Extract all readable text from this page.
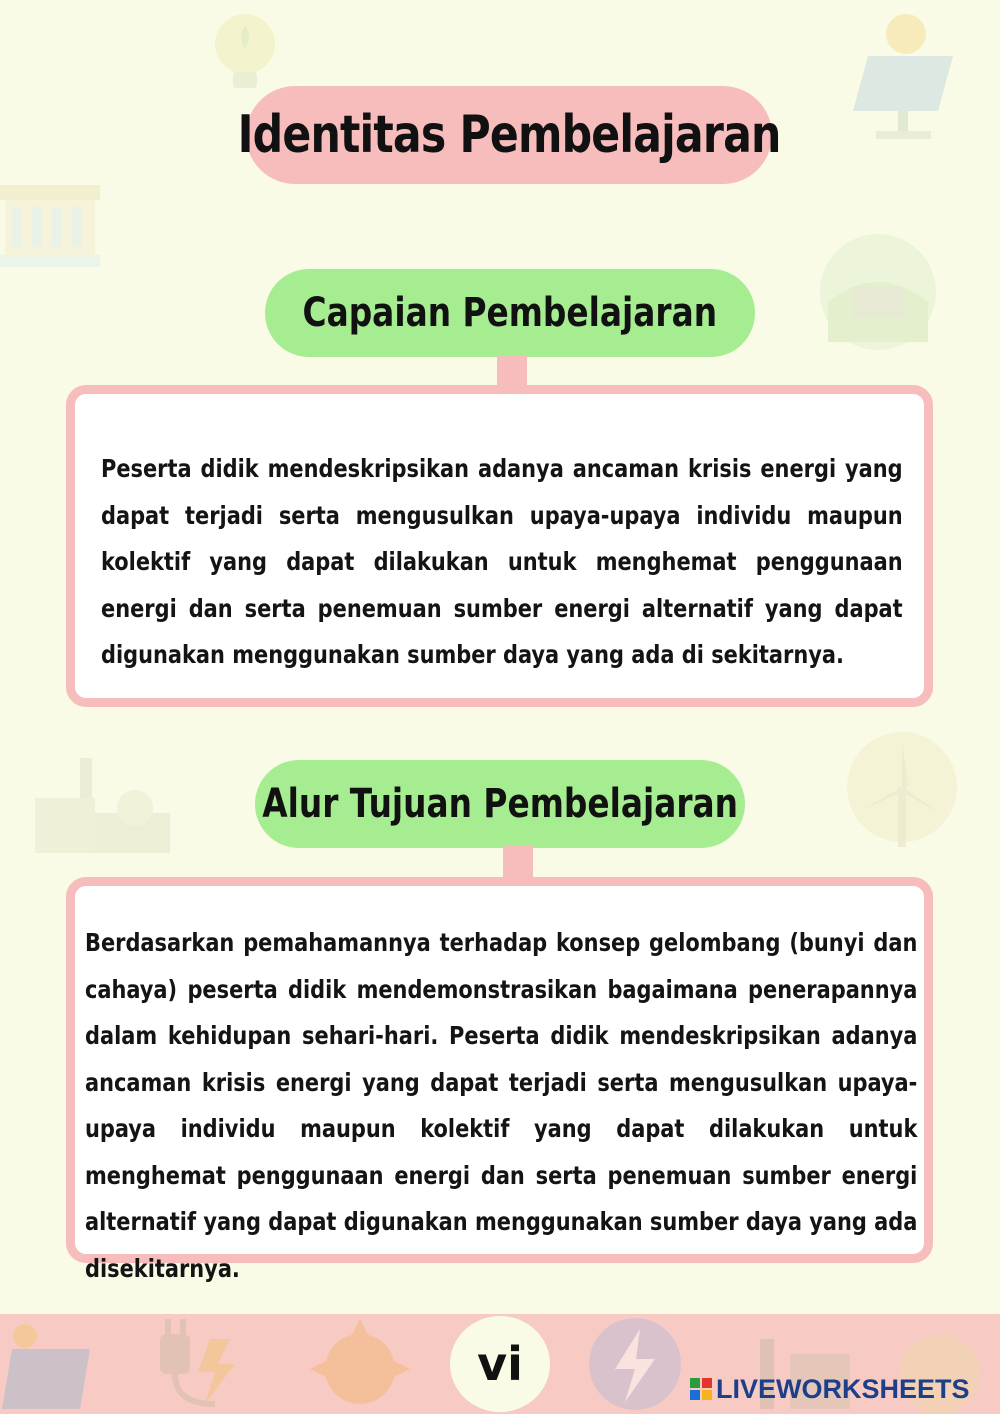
Identitas Pembelajaran
Capaian Pembelajaran

Peserta didik mendeskripsikan adanya ancaman krisis energi yang dapat terjadi serta mengusulkan upaya-upaya individu maupun kolektif yang dapat dilakukan untuk menghemat penggunaan energi dan serta penemuan sumber energi alternatif yang dapat digunakan menggunakan sumber daya yang ada di sekitarnya.

Alur Tujuan Pembelajaran

Berdasarkan pemahamannya terhadap konsep gelombang (bunyi dan cahaya) peserta didik mendemonstrasikan bagaimana penerapannya dalam kehidupan sehari-hari. Peserta didik mendeskripsikan adanya ancaman krisis energi yang dapat terjadi serta mengusulkan upaya-upaya individu maupun kolektif yang dapat dilakukan untuk menghemat penggunaan energi dan serta penemuan sumber energi alternatif yang dapat digunakan menggunakan sumber daya yang ada disekitarnya.

vi	LIVEWORKSHEETS
